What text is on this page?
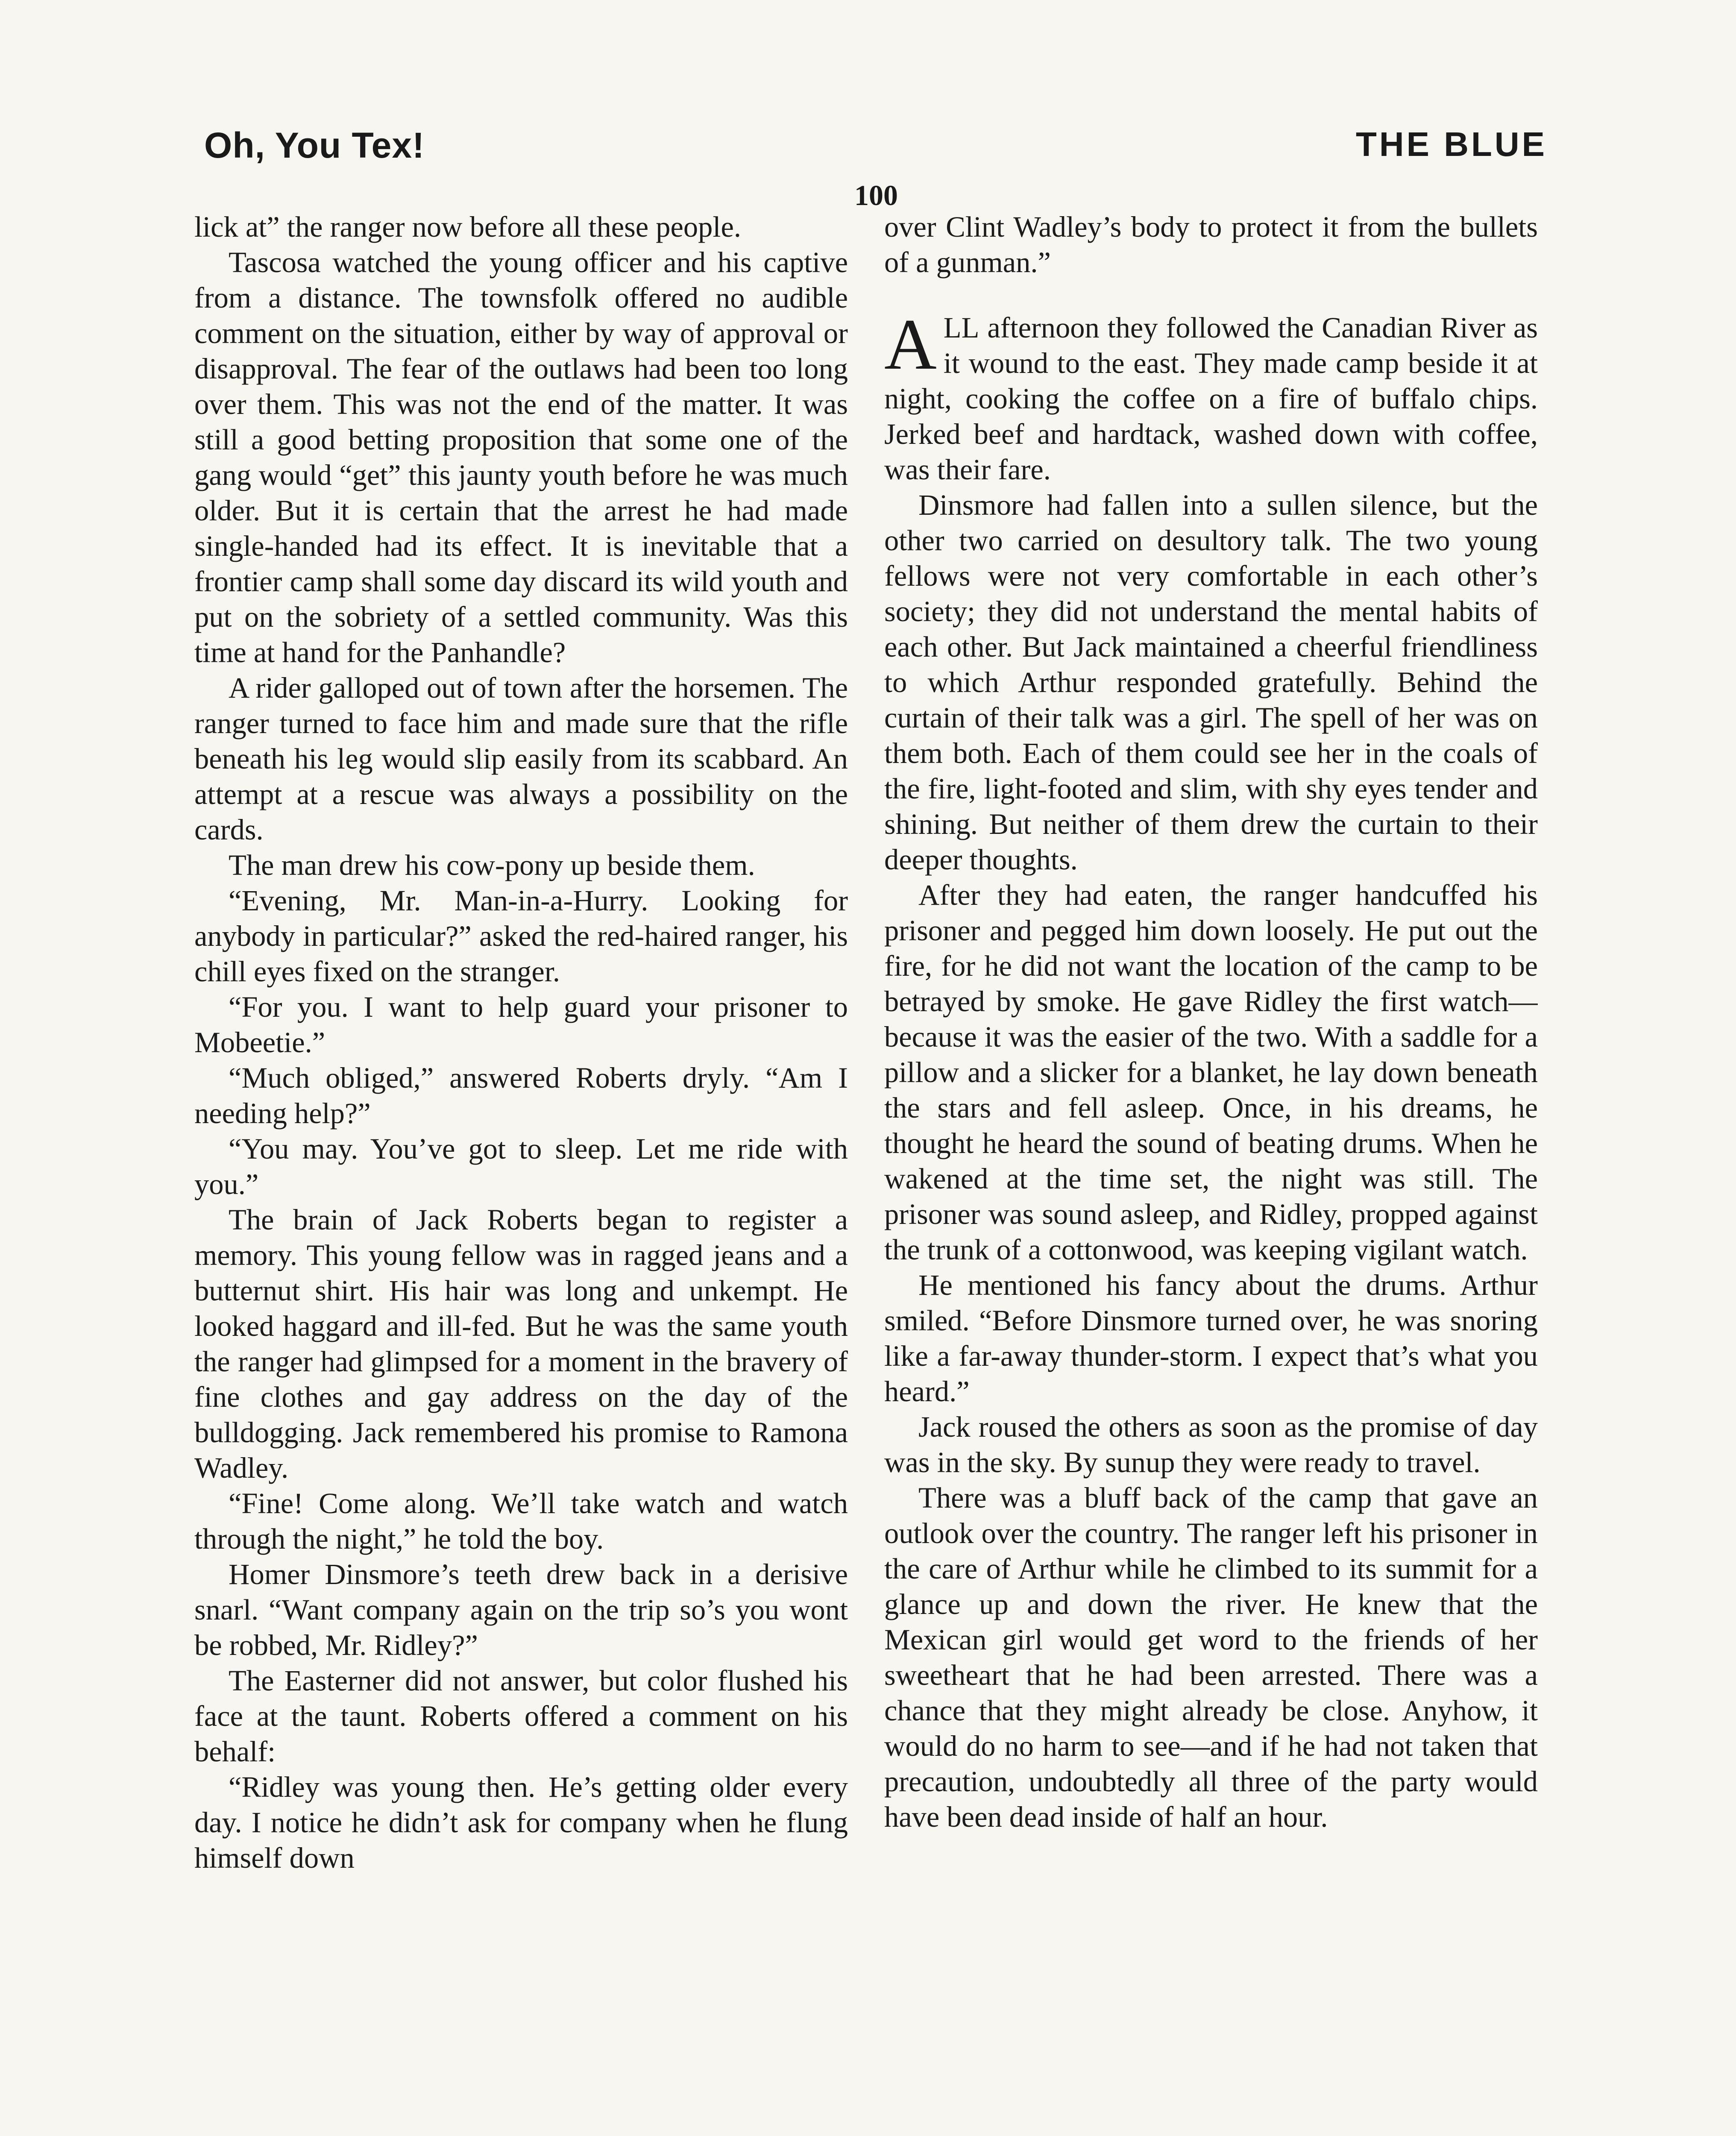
Oh, You Tex!	THE BLUE
100

lick at” the ranger now before all these people.

Tascosa watched the young officer and his captive from a distance. The townsfolk offered no audible comment on the situation, either by way of approval or disapproval. The fear of the outlaws had been too long over them. This was not the end of the matter. It was still a good betting proposition that some one of the gang would “get” this jaunty youth before he was much older. But it is certain that the arrest he had made single-handed had its effect. It is inevitable that a frontier camp shall some day discard its wild youth and put on the sobriety of a settled community. Was this time at hand for the Panhandle?

A rider galloped out of town after the horsemen. The ranger turned to face him and made sure that the rifle beneath his leg would slip easily from its scabbard. An attempt at a rescue was always a possibility on the cards.

The man drew his cow-pony up beside them.

“Evening, Mr. Man-in-a-Hurry. Looking for anybody in particular?” asked the red-haired ranger, his chill eyes fixed on the stranger.

“For you. I want to help guard your prisoner to Mobeetie.”

“Much obliged,” answered Roberts dryly. “Am I needing help?”

“You may. You’ve got to sleep. Let me ride with you.”

The brain of Jack Roberts began to register a memory. This young fellow was in ragged jeans and a butternut shirt. His hair was long and unkempt. He looked haggard and ill-fed. But he was the same youth the ranger had glimpsed for a moment in the bravery of fine clothes and gay address on the day of the bulldogging. Jack remembered his promise to Ramona Wadley.

“Fine! Come along. We’ll take watch and watch through the night,” he told the boy.

Homer Dinsmore’s teeth drew back in a derisive snarl. “Want company again on the trip so’s you wont be robbed, Mr. Ridley?”

The Easterner did not answer, but color flushed his face at the taunt. Roberts offered a comment on his behalf:

“Ridley was young then. He’s getting older every day. I notice he didn’t ask for company when he flung himself down

over Clint Wadley’s body to protect it from the bullets of a gunman.”

ALL afternoon they followed the Canadian River as it wound to the east. They made camp beside it at night, cooking the coffee on a fire of buffalo chips. Jerked beef and hardtack, washed down with coffee, was their fare.

Dinsmore had fallen into a sullen silence, but the other two carried on desultory talk. The two young fellows were not very comfortable in each other’s society; they did not understand the mental habits of each other. But Jack maintained a cheerful friendliness to which Arthur responded gratefully. Behind the curtain of their talk was a girl. The spell of her was on them both. Each of them could see her in the coals of the fire, light-footed and slim, with shy eyes tender and shining. But neither of them drew the curtain to their deeper thoughts.

After they had eaten, the ranger handcuffed his prisoner and pegged him down loosely. He put out the fire, for he did not want the location of the camp to be betrayed by smoke. He gave Ridley the first watch—because it was the easier of the two. With a saddle for a pillow and a slicker for a blanket, he lay down beneath the stars and fell asleep. Once, in his dreams, he thought he heard the sound of beating drums. When he wakened at the time set, the night was still. The prisoner was sound asleep, and Ridley, propped against the trunk of a cottonwood, was keeping vigilant watch.

He mentioned his fancy about the drums. Arthur smiled. “Before Dinsmore turned over, he was snoring like a far-away thunder-storm. I expect that’s what you heard.”

Jack roused the others as soon as the promise of day was in the sky. By sunup they were ready to travel.

There was a bluff back of the camp that gave an outlook over the country. The ranger left his prisoner in the care of Arthur while he climbed to its summit for a glance up and down the river. He knew that the Mexican girl would get word to the friends of her sweetheart that he had been arrested. There was a chance that they might already be close. Anyhow, it would do no harm to see—and if he had not taken that precaution, undoubtedly all three of the party would have been dead inside of half an hour.
